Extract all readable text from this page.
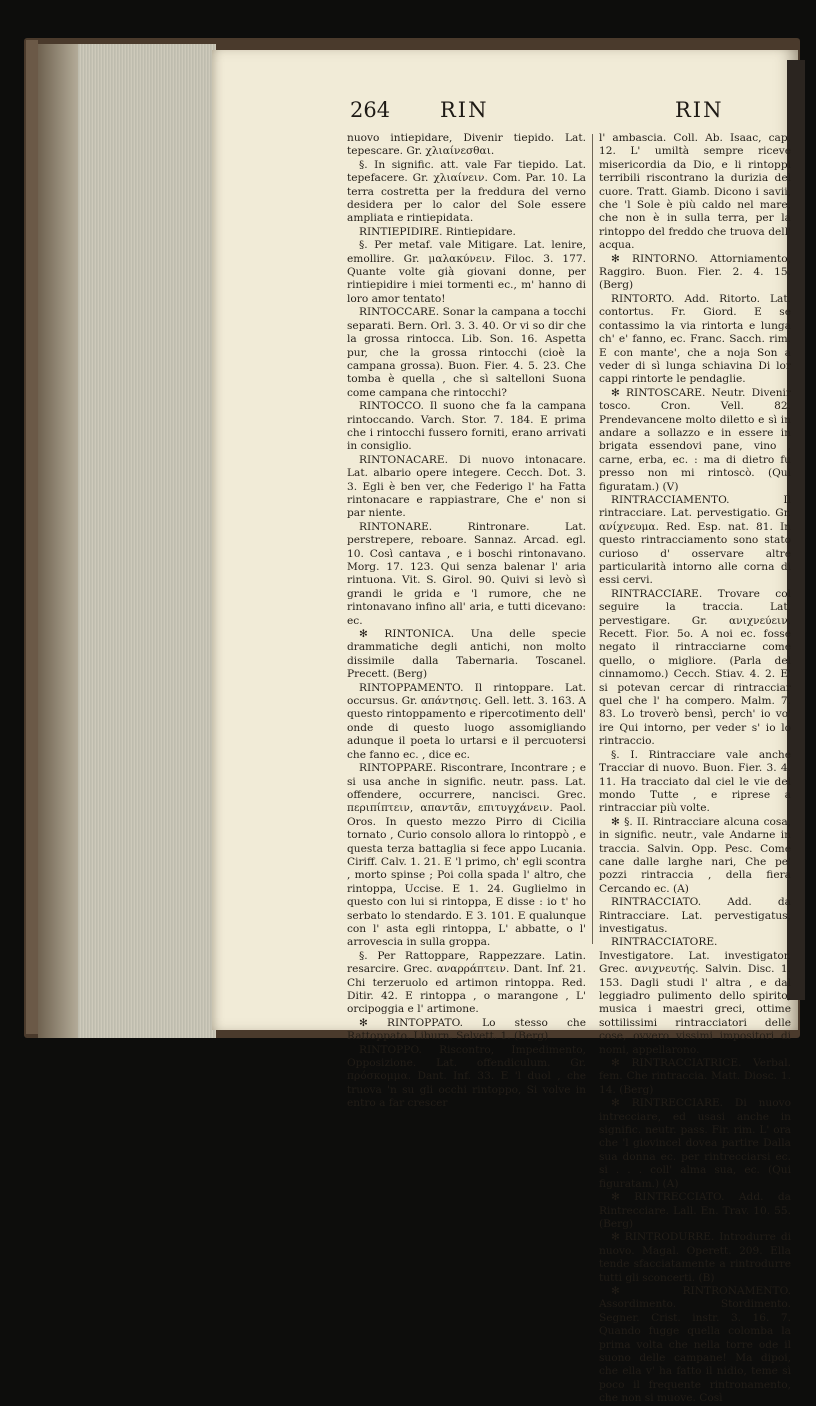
264 RIN	RIN

nuovo intiepidare, Divenir tiepido. Lat. tepescare. Gr. χλιαίνεσθαι.

§. In signific. att. vale Far tiepido. Lat. tepefacere. Gr. χλιαίνειν. Com. Par. 10. La terra costretta per la freddura del verno desidera per lo calor del Sole essere ampliata e rintiepidata.

RINTIEPIDIRE. Rintiepidare.

§. Per metaf. vale Mitigare. Lat. lenire, emollire. Gr. μαλακύνειν. Filoc. 3. 177. Quante volte già giovani donne, per rintiepidire i miei tormenti ec., m' hanno di loro amor tentato!

RINTOCCARE. Sonar la campana a tocchi separati. Bern. Orl. 3. 3. 40. Or vi so dir che la grossa rintocca. Lib. Son. 16. Aspetta pur, che la grossa rintocchi (cioè la campana grossa). Buon. Fier. 4. 5. 23. Che tomba è quella , che sì saltelloni Suona come campana che rintocchi?

RINTOCCO. Il suono che fa la campana rintoccando. Varch. Stor. 7. 184. E prima che i rintocchi fussero forniti, erano arrivati in consiglio.

RINTONACARE. Di nuovo intonacare. Lat. albario opere integere. Cecch. Dot. 3. 3. Egli è ben ver, che Federigo l' ha Fatta rintonacare e rappiastrare, Che e' non si par niente.

RINTONARE. Rintronare. Lat. perstrepere, reboare. Sannaz. Arcad. egl. 10. Così cantava , e i boschi rintonavano. Morg. 17. 123. Qui senza balenar l' aria rintuona. Vit. S. Girol. 90. Quivi si levò sì grandi le grida e 'l rumore, che ne rintonavano infino all' aria, e tutti dicevano: ec.

✻ RINTONICA. Una delle specie drammatiche degli antichi, non molto dissimile dalla Tabernaria. Toscanel. Precett. (Berg)

RINTOPPAMENTO. Il rintoppare. Lat. occursus. Gr. απάντησις. Gell. lett. 3. 163. A questo rintoppamento e ripercotimento dell' onde di questo luogo assomigliando adunque il poeta lo urtarsi e il percuotersi che fanno ec. , dice ec.

RINTOPPARE. Riscontrare, Incontrare ; e si usa anche in signific. neutr. pass. Lat. offendere, occurrere, nancisci. Grec. περιπίπτειν, απαντᾶν, επιτυγχάνειν. Paol. Oros. In questo mezzo Pirro di Cicilia tornato , Curio consolo allora lo rintoppò , e questa terza battaglia si fece appo Lucania. Ciriff. Calv. 1. 21. E 'l primo, ch' egli scontra , morto spinse ; Poi colla spada l' altro, che rintoppa, Uccise. E 1. 24. Guglielmo in questo con lui si rintoppa, E disse : io t' ho serbato lo stendardo. E 3. 101. E qualunque con l' asta egli rintoppa, L' abbatte, o l' arrovescia in sulla groppa.

§. Per Rattoppare, Rappezzare. Latin. resarcire. Grec. αναρράπτειν. Dant. Inf. 21. Chi terzeruolo ed artimon rintoppa. Red. Ditir. 42. E rintoppa , o marangone , L' orcipoggia e l' artimone.

✻ RINTOPPATO. Lo stesso che Rattoppato. Liburn. Selvett. 1. (Berg)

RINTOPPO. Riscontro, Impedimento, Opposizione. Lat. offendiculum. Gr. πρόσκομμα. Dant. Inf. 33. E 'l duol , che truova 'n su gli occhi rintoppo, Si volve in entro a far crescer

l' ambascia. Coll. Ab. Isaac, cap. 12. L' umiltà sempre riceve misericordia da Dio, e li rintoppi terribili riscontrano la durizia del cuore. Tratt. Giamb. Dicono i savii, che 'l Sole è più caldo nel mare, che non è in sulla terra, per la rintoppo del freddo che truova dell' acqua.

✻ RINTORNO. Attorniamento, Raggiro. Buon. Fier. 2. 4. 15. (Berg)

RINTORTO. Add. Ritorto. Lat. contortus. Fr. Giord. E se contassimo la via rintorta e lunga ch' e' fanno, ec. Franc. Sacch. rim. E con mante', che a noja Son a veder di sì lunga schiavina Di lor cappi rintorte le pendaglie.

✻ RINTOSCARE. Neutr. Divenir tosco. Cron. Vell. 82. Prendevancene molto diletto e sì in andare a sollazzo e in essere in brigata essendovi pane, vino , carne, erba, ec. : ma di dietro fu presso non mi rintoscò. (Qui figuratam.) (V)

RINTRACCIAMENTO. Il rintracciare. Lat. pervestigatio. Gr. ανίχνευμα. Red. Esp. nat. 81. In questo rintracciamento sono stato curioso d' osservare altre particularità intorno alle corna di essi cervi.

RINTRACCIARE. Trovare col seguire la traccia. Lat. pervestigare. Gr. ανιχνεύειν. Recett. Fior. 5o. A noi ec. fosse negato il rintracciarne come quello, o migliore. (Parla del cinnamomo.) Cecch. Stiav. 4. 2. E' si potevan cercar di rintracciar quel che l' ha compero. Malm. 7. 83. Lo troverò bensì, perch' io vo' ire Qui intorno, per veder s' io lo rintraccio.

§. I. Rintracciare vale anche Tracciar di nuovo. Buon. Fier. 3. 4. 11. Ha tracciato dal ciel le vie del mondo Tutte , e riprese a rintracciar più volte.

✻ §. II. Rintracciare alcuna cosa, in signific. neutr., vale Andarne in traccia. Salvin. Opp. Pesc. Come cane dalle larghe nari, Che pe' pozzi rintraccia , della fiera Cercando ec. (A)

RINTRACCIATO. Add. da Rintracciare. Lat. pervestigatus, investigatus.

RINTRACCIATORE. Investigatore. Lat. investigator. Grec. ανιχνευτής. Salvin. Disc. 1. 153. Dagli studi l' altra , e dal leggiadro pulimento dello spirito, musica i maestri greci, ottime sottilissimi rintracciatori delle cose, ovvero vissimi impositori di nomi, appellarono.

✻ RINTRACCIATRICE. Verbal. fem. Che rintraccia. Matt. Diosc. 1. 14. (Berg)

✻ RINTRECCIARE. Di nuovo intrecciare, ed usasi anche in signific. neutr. pass. Fir. rim. L' ora che 'l giovincel dovea partire Dalla sua donna ec. per rintrecciarsi ec. si . . . coll' alma sua, ec. (Qui figuratam.) (A)

✻ RINTRECCIATO. Add. da Rintrecciare. Lall. En. Trav. 10. 55. (Berg)

✻ RINTRODURRE. Introdurre di nuovo. Magal. Operett. 209. Ella tende sfacciatamente a rintrodurre tutti gli sconcerti. (B)

✻ RINTRONAMENTO. Assordimento. Stordimento. Segner. Crist. instr. 3. 16. 7. Quando fugge quella colomba la prima volta che nella torre ode il suono delle campane! Ma dipoi, che ella v' ha fatto il nidio, teme sì poco il frequente rintronamento, che non si muove. Così
